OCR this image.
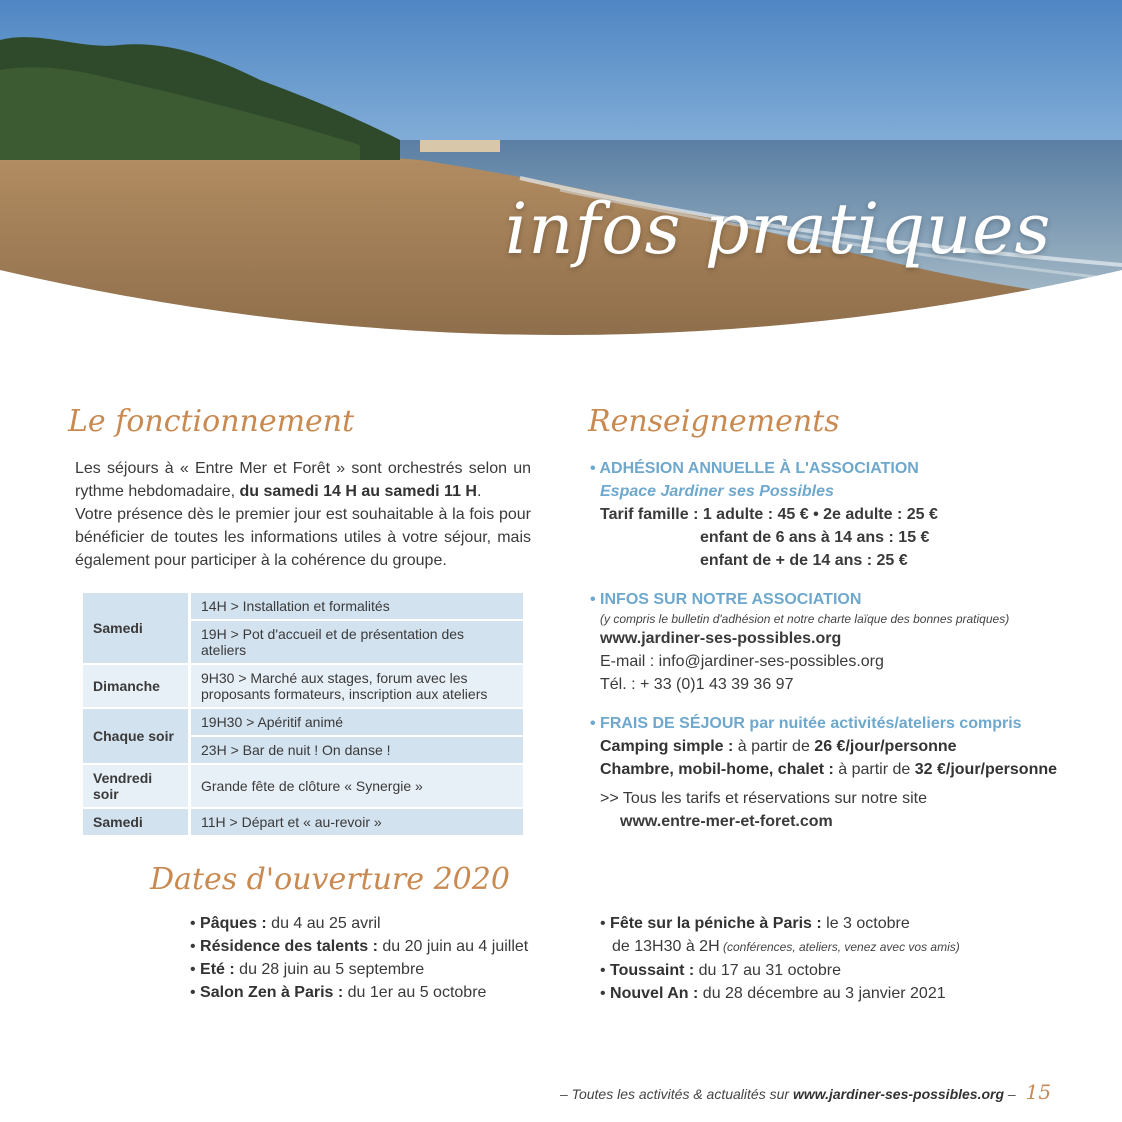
infos pratiques
Le fonctionnement
Les séjours à « Entre Mer et Forêt » sont orchestrés selon un rythme hebdomadaire, du samedi 14 H au samedi 11 H.
Votre présence dès le premier jour est souhaitable à la fois pour bénéficier de toutes les informations utiles à votre séjour, mais également pour participer à la cohérence du groupe.
Samedi	14H > Installation et formalités
	19H > Pot d'accueil et de présentation des ateliers
Dimanche	9H30 > Marché aux stages, forum avec les proposants formateurs, inscription aux ateliers
Chaque soir	19H30 > Apéritif animé
	23H > Bar de nuit ! On danse !
Vendredi soir	Grande fête de clôture « Synergie »
Samedi	11H > Départ et « au-revoir »
Renseignements
• ADHÉSION ANNUELLE À L'ASSOCIATION
Espace Jardiner ses Possibles
Tarif famille : 1 adulte : 45 € • 2e adulte : 25 €
enfant de 6 ans à 14 ans : 15 €
enfant de + de 14 ans : 25 €
• INFOS SUR NOTRE ASSOCIATION
(y compris le bulletin d'adhésion et notre charte laïque des bonnes pratiques)
www.jardiner-ses-possibles.org
E-mail : info@jardiner-ses-possibles.org
Tél. : + 33 (0)1 43 39 36 97
• FRAIS DE SÉJOUR par nuitée activités/ateliers compris
Camping simple : à partir de 26 €/jour/personne
Chambre, mobil-home, chalet : à partir de 32 €/jour/personne
>> Tous les tarifs et réservations sur notre site
www.entre-mer-et-foret.com
Dates d'ouverture 2020
• Pâques : du 4 au 25 avril
• Résidence des talents : du 20 juin au 4 juillet
• Eté : du 28 juin au 5 septembre
• Salon Zen à Paris : du 1er au 5 octobre
• Fête sur la péniche à Paris : le 3 octobre
de 13H30 à 2H (conférences, ateliers, venez avec vos amis)
• Toussaint : du 17 au 31 octobre
• Nouvel An : du 28 décembre au 3 janvier 2021
– Toutes les activités & actualités sur www.jardiner-ses-possibles.org – 15
